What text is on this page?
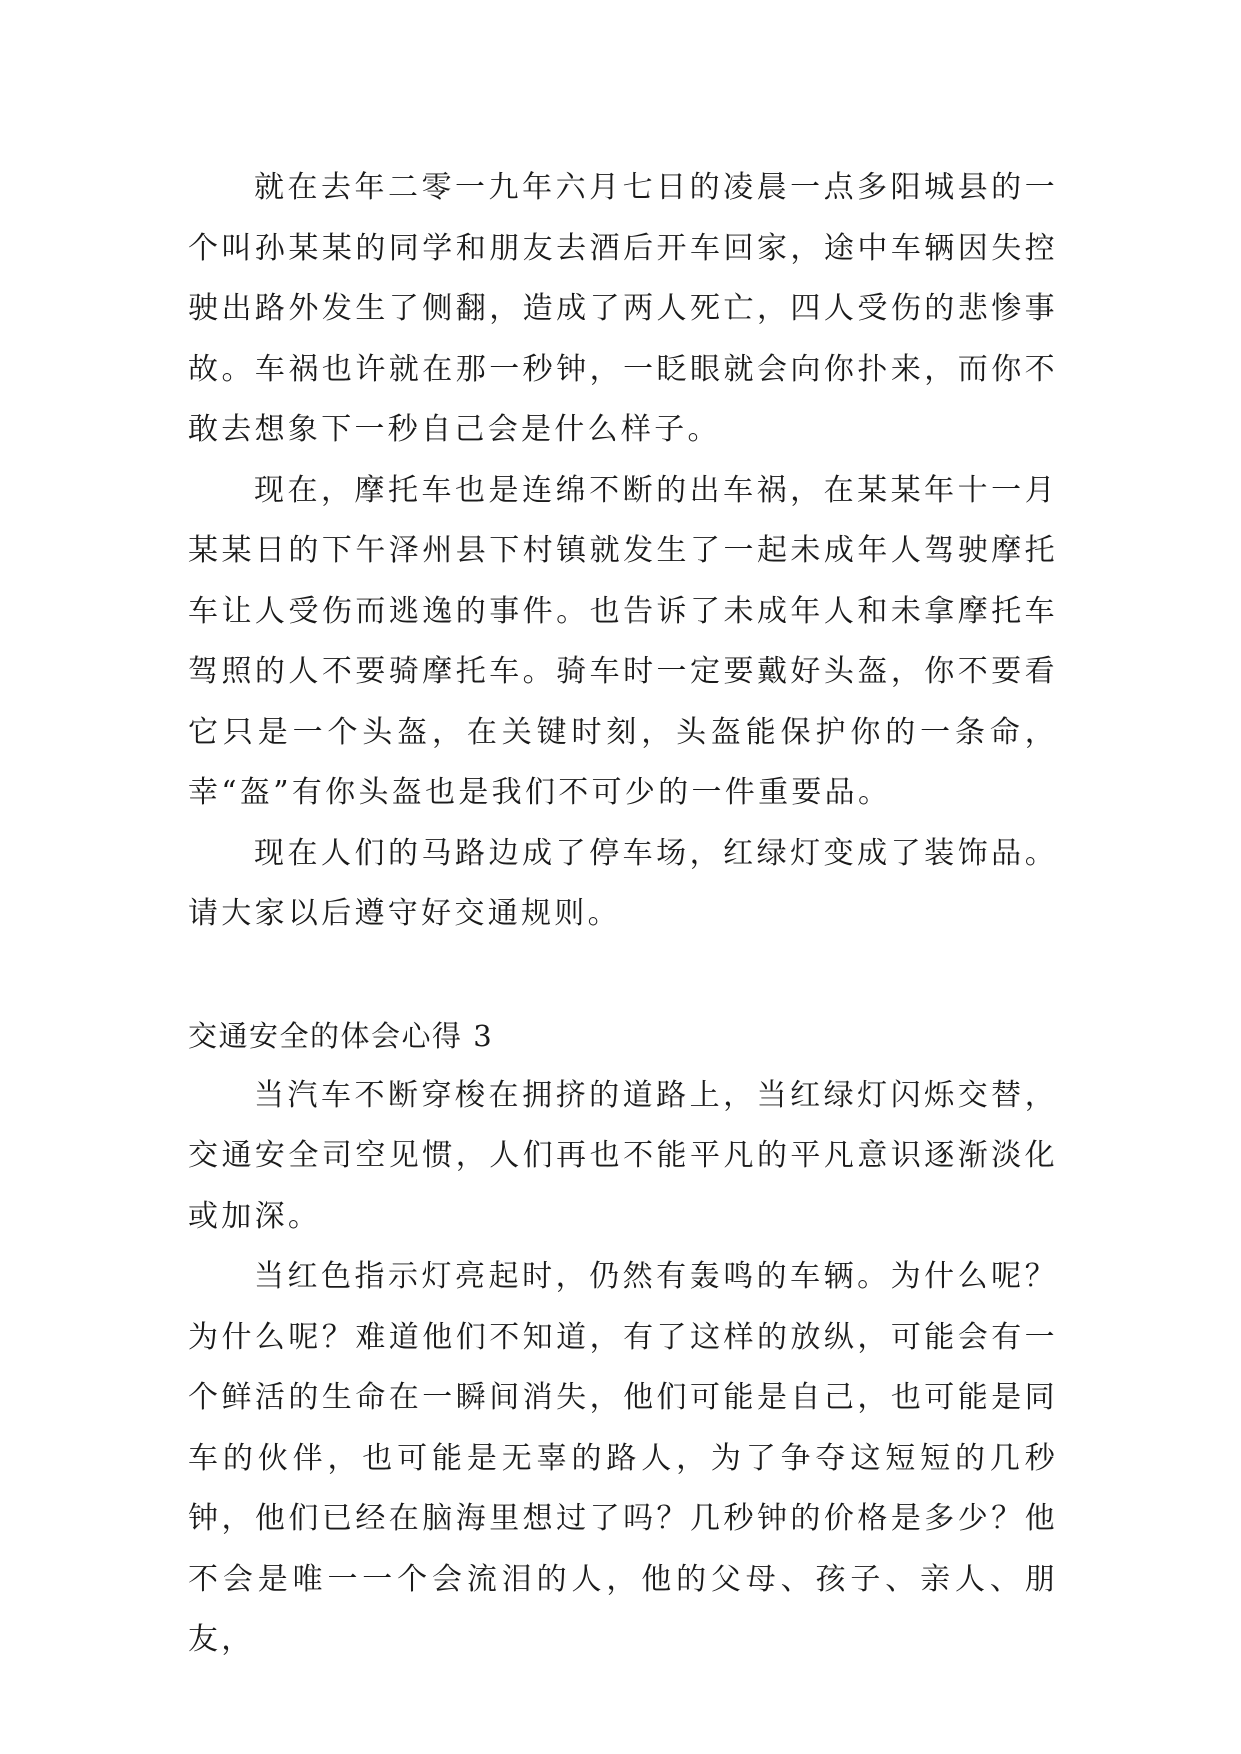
就在去年二零一九年六月七日的凌晨一点多阳城县的一个叫孙某某的同学和朋友去酒后开车回家，途中车辆因失控驶出路外发生了侧翻，造成了两人死亡，四人受伤的悲惨事故。车祸也许就在那一秒钟，一眨眼就会向你扑来，而你不敢去想象下一秒自己会是什么样子。

现在，摩托车也是连绵不断的出车祸，在某某年十一月某某日的下午泽州县下村镇就发生了一起未成年人驾驶摩托车让人受伤而逃逸的事件。也告诉了未成年人和未拿摩托车驾照的人不要骑摩托车。骑车时一定要戴好头盔，你不要看它只是一个头盔，在关键时刻，头盔能保护你的一条命，幸“盔”有你头盔也是我们不可少的一件重要品。

现在人们的马路边成了停车场，红绿灯变成了装饰品。请大家以后遵守好交通规则。

交通安全的体会心得 3

当汽车不断穿梭在拥挤的道路上，当红绿灯闪烁交替，交通安全司空见惯，人们再也不能平凡的平凡意识逐渐淡化或加深。

当红色指示灯亮起时，仍然有轰鸣的车辆。为什么呢？为什么呢？难道他们不知道，有了这样的放纵，可能会有一个鲜活的生命在一瞬间消失，他们可能是自己，也可能是同车的伙伴，也可能是无辜的路人，为了争夺这短短的几秒钟，他们已经在脑海里想过了吗？几秒钟的价格是多少？他不会是唯一一个会流泪的人，他的父母、孩子、亲人、朋友，
